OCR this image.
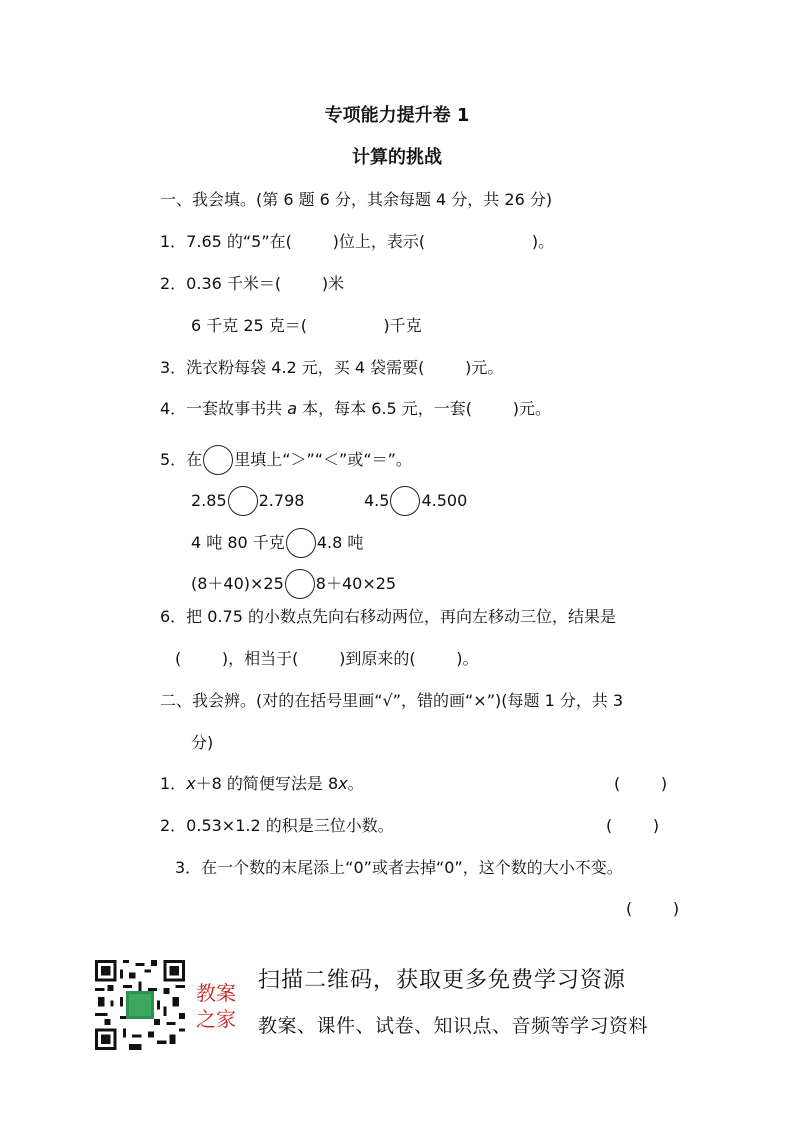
专项能力提升卷 1
计算的挑战
一、我会填。(第 6 题 6 分，其余每题 4 分，共 26 分)
1．7.65 的“5”在(        )位上，表示(                     )。
2．0.36 千米＝(        )米
6 千克 25 克＝(               )千克
3．洗衣粉每袋 4.2 元，买 4 袋需要(        )元。
4．一套故事书共 a 本，每本 6.5 元，一套(        )元。
5．在 里填上“＞”“＜”或“＝”。
2.85 2.798	4.5 4.500
4 吨 80 千克 4.8 吨
(8＋40)×25 8＋40×25
6．把 0.75 的小数点先向右移动两位，再向左移动三位，结果是
(        )，相当于(        )到原来的(        )。
二、我会辨。(对的在括号里画“√”，错的画“×”)(每题 1 分，共 3
分)
1．x＋8 的简便写法是 8x。	(        )
2．0.53×1.2 的积是三位小数。	(        )
3．在一个数的末尾添上“0”或者去掉“0”，这个数的大小不变。
(        )
教案
之家
扫描二维码，获取更多免费学习资源
教案、课件、试卷、知识点、音频等学习资料
